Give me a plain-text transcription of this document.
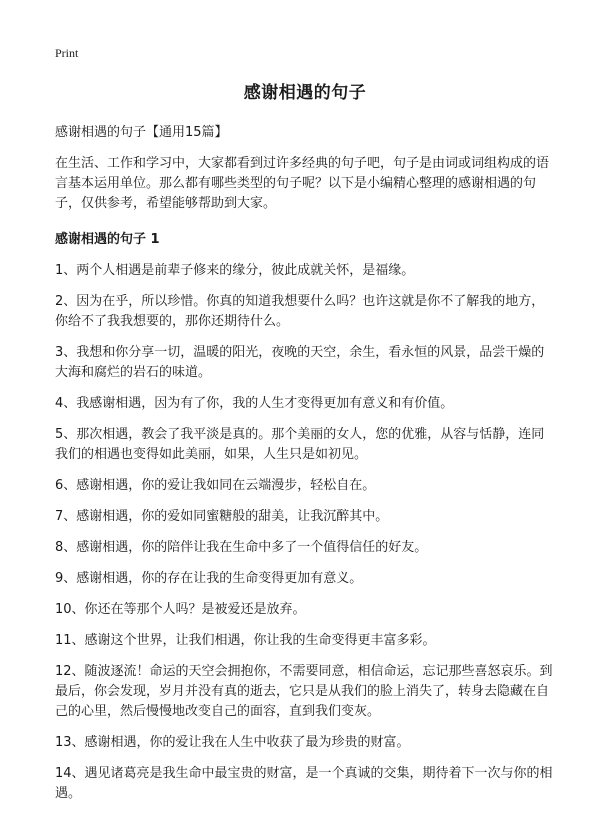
Print
感谢相遇的句子
感谢相遇的句子【通用15篇】
在生活、工作和学习中，大家都看到过许多经典的句子吧，句子是由词或词组构成的语言基本运用单位。那么都有哪些类型的句子呢？以下是小编精心整理的感谢相遇的句子，仅供参考，希望能够帮助到大家。
感谢相遇的句子 1
1、两个人相遇是前辈子修来的缘分，彼此成就关怀，是福缘。
2、因为在乎，所以珍惜。你真的知道我想要什么吗？也许这就是你不了解我的地方，你给不了我我想要的，那你还期待什么。
3、我想和你分享一切，温暖的阳光，夜晚的天空，余生，看永恒的风景，品尝干燥的大海和腐烂的岩石的味道。
4、我感谢相遇，因为有了你，我的人生才变得更加有意义和有价值。
5、那次相遇，教会了我平淡是真的。那个美丽的女人，您的优雅，从容与恬静，连同我们的相遇也变得如此美丽，如果，人生只是如初见。
6、感谢相遇，你的爱让我如同在云端漫步，轻松自在。
7、感谢相遇，你的爱如同蜜糖般的甜美，让我沉醉其中。
8、感谢相遇，你的陪伴让我在生命中多了一个值得信任的好友。
9、感谢相遇，你的存在让我的生命变得更加有意义。
10、你还在等那个人吗？是被爱还是放弃。
11、感谢这个世界，让我们相遇，你让我的生命变得更丰富多彩。
12、随波逐流！命运的天空会拥抱你，不需要同意，相信命运，忘记那些喜怒哀乐。到最后，你会发现，岁月并没有真的逝去，它只是从我们的脸上消失了，转身去隐藏在自己的心里，然后慢慢地改变自己的面容，直到我们变灰。
13、感谢相遇，你的爱让我在人生中收获了最为珍贵的财富。
14、遇见诸葛亮是我生命中最宝贵的财富，是一个真诚的交集，期待着下一次与你的相遇。
